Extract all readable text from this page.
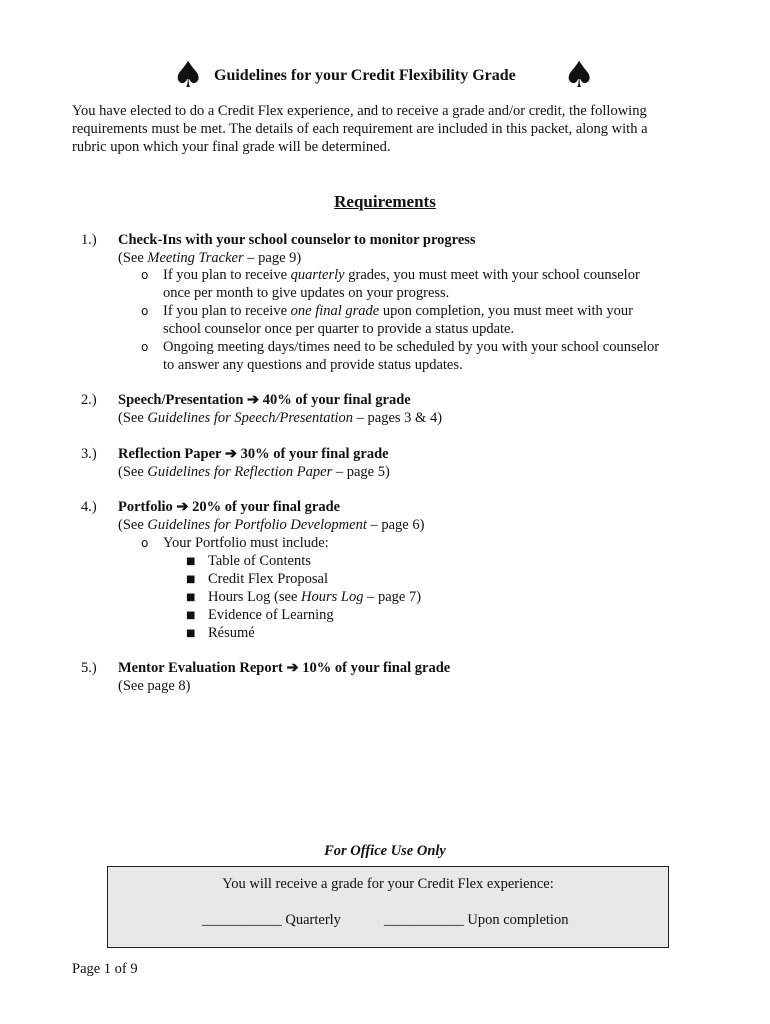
♠ Guidelines for your Credit Flexibility Grade ♠
You have elected to do a Credit Flex experience, and to receive a grade and/or credit, the following
requirements must be met. The details of each requirement are included in this packet, along with a
rubric upon which your final grade will be determined.
Requirements
1.) Check-Ins with your school counselor to monitor progress
(See Meeting Tracker – page 9)
o If you plan to receive quarterly grades, you must meet with your school counselor
once per month to give updates on your progress.
o If you plan to receive one final grade upon completion, you must meet with your
school counselor once per quarter to provide a status update.
o Ongoing meeting days/times need to be scheduled by you with your school counselor
to answer any questions and provide status updates.
2.) Speech/Presentation ➔ 40% of your final grade
(See Guidelines for Speech/Presentation – pages 3 & 4)
3.) Reflection Paper ➔ 30% of your final grade
(See Guidelines for Reflection Paper – page 5)
4.) Portfolio ➔ 20% of your final grade
(See Guidelines for Portfolio Development – page 6)
o Your Portfolio must include:
■ Table of Contents
■ Credit Flex Proposal
■ Hours Log (see Hours Log – page 7)
■ Evidence of Learning
■ Résumé
5.) Mentor Evaluation Report ➔ 10% of your final grade
(See page 8)
For Office Use Only
You will receive a grade for your Credit Flex experience:
___________ Quarterly	___________ Upon completion
Page 1 of 9
